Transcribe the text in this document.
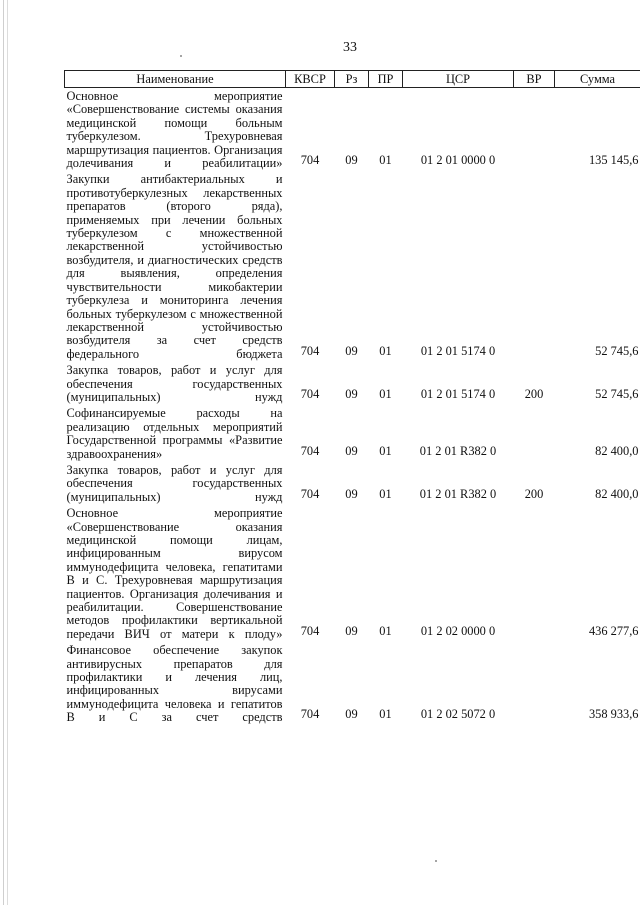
33
Наименование	КВСР	Рз	ПР	ЦСР	ВР	Сумма
Основное мероприятие «Совершенствование системы оказания медицинской помощи больным туберкулезом. Трехуровневая маршрутизация пациентов. Организация долечивания и реабилитации»	704	09	01	01 2 01 0000 0		135 145,6
Закупки антибактериальных и противотуберкулезных лекарственных препаратов (второго ряда), применяемых при лечении больных туберкулезом с множественной лекарственной устойчивостью возбудителя, и диагностических средств для выявления, определения чувствительности микобактерии туберкулеза и мониторинга лечения больных туберкулезом с множественной лекарственной устойчивостью возбудителя за счет средств федерального бюджета	704	09	01	01 2 01 5174 0		52 745,6
Закупка товаров, работ и услуг для обеспечения государственных (муниципальных) нужд	704	09	01	01 2 01 5174 0	200	52 745,6
Софинансируемые расходы на реализацию отдельных мероприятий Государственной программы «Развитие здравоохранения»	704	09	01	01 2 01 R382 0		82 400,0
Закупка товаров, работ и услуг для обеспечения государственных (муниципальных) нужд	704	09	01	01 2 01 R382 0	200	82 400,0
Основное мероприятие «Совершенствование оказания медицинской помощи лицам, инфицированным вирусом иммунодефицита человека, гепатитами В и С. Трехуровневая маршрутизация пациентов. Организация долечивания и реабилитации. Совершенствование методов профилактики вертикальной передачи ВИЧ от матери к плоду»	704	09	01	01 2 02 0000 0		436 277,6
Финансовое обеспечение закупок антивирусных препаратов для профилактики и лечения лиц, инфицированных вирусами иммунодефицита человека и гепатитов В и С за счет средств	704	09	01	01 2 02 5072 0		358 933,6
